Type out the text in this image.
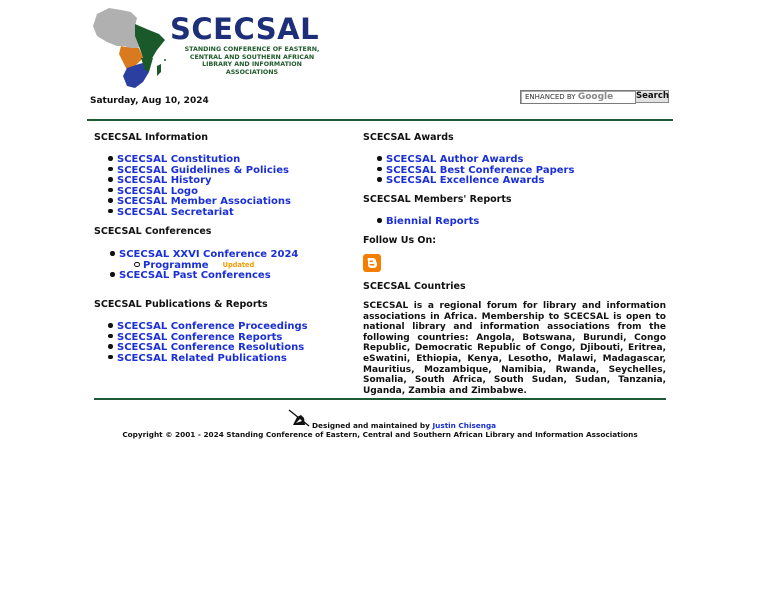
SCECSAL
STANDING CONFERENCE OF EASTERN, CENTRAL AND SOUTHERN AFRICAN LIBRARY AND INFORMATION ASSOCIATIONS
Saturday, Aug 10, 2024	ENHANCED BY Google	Search
SCECSAL Information
SCECSAL Constitution
SCECSAL Guidelines & Policies
SCECSAL History
SCECSAL Logo
SCECSAL Member Associations
SCECSAL Secretariat
SCECSAL Conferences
SCECSAL XXVI Conference 2024
Programme Updated
SCECSAL Past Conferences
SCECSAL Publications & Reports
SCECSAL Conference Proceedings
SCECSAL Conference Reports
SCECSAL Conference Resolutions
SCECSAL Related Publications
SCECSAL Awards
SCECSAL Author Awards
SCECSAL Best Conference Papers
SCECSAL Excellence Awards
SCECSAL Members' Reports
Biennial Reports
Follow Us On:
SCECSAL Countries

SCECSAL is a regional forum for library and information associations in Africa. Membership to SCECSAL is open to national library and information associations from the following countries: Angola, Botswana, Burundi, Congo Republic, Democratic Republic of Congo, Djibouti, Eritrea, eSwatini, Ethiopia, Kenya, Lesotho, Malawi, Madagascar, Mauritius, Mozambique, Namibia, Rwanda, Seychelles, Somalia, South Africa, South Sudan, Sudan, Tanzania, Uganda, Zambia and Zimbabwe.

Designed and maintained by Justin Chisenga
Copyright © 2001 - 2024 Standing Conference of Eastern, Central and Southern African Library and Information Associations
